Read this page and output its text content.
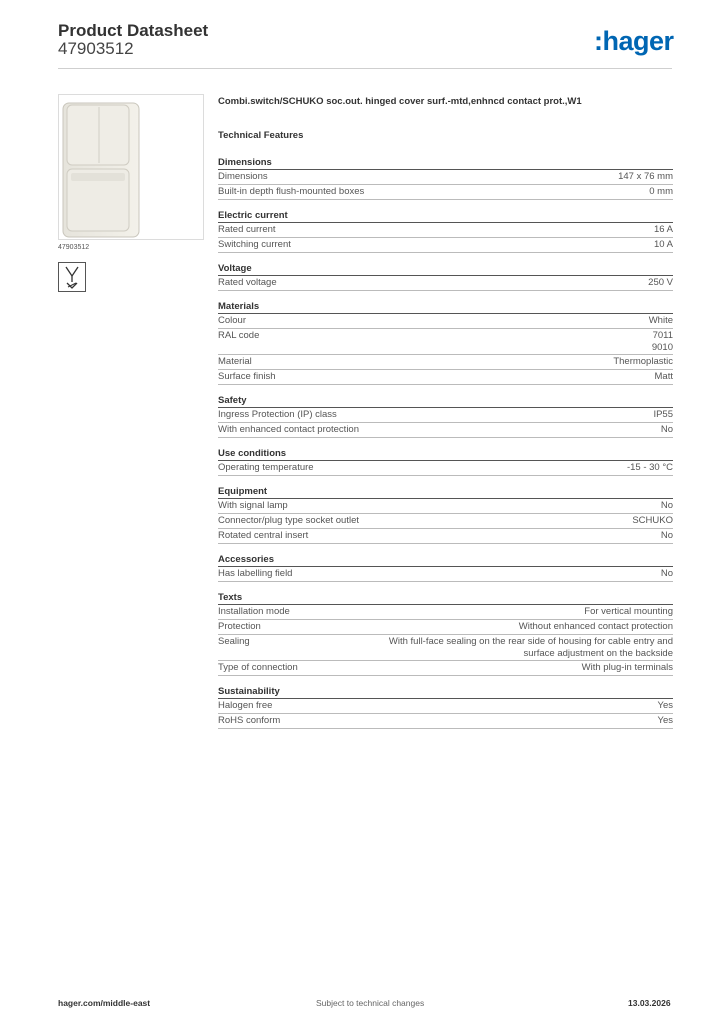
Product Datasheet
47903512	:hager
47903512
Combi.switch/SCHUKO soc.out. hinged cover surf.-mtd,enhncd contact prot.,W1
Technical Features
Dimensions
Dimensions	147 x 76 mm
Built-in depth flush-mounted boxes	0 mm
Electric current
Rated current	16 A
Switching current	10 A
Voltage
Rated voltage	250 V
Materials
Colour	White
RAL code	7011
9010
Material	Thermoplastic
Surface finish	Matt
Safety
Ingress Protection (IP) class	IP55
With enhanced contact protection	No
Use conditions
Operating temperature	-15 - 30 °C
Equipment
With signal lamp	No
Connector/plug type socket outlet	SCHUKO
Rotated central insert	No
Accessories
Has labelling field	No
Texts
Installation mode	For vertical mounting
Protection	Without enhanced contact protection
Sealing	With full-face sealing on the rear side of housing for cable entry and
surface adjustment on the backside
Type of connection	With plug-in terminals
Sustainability
Halogen free	Yes
RoHS conform	Yes
hager.com/middle-east	Subject to technical changes	13.03.2026
